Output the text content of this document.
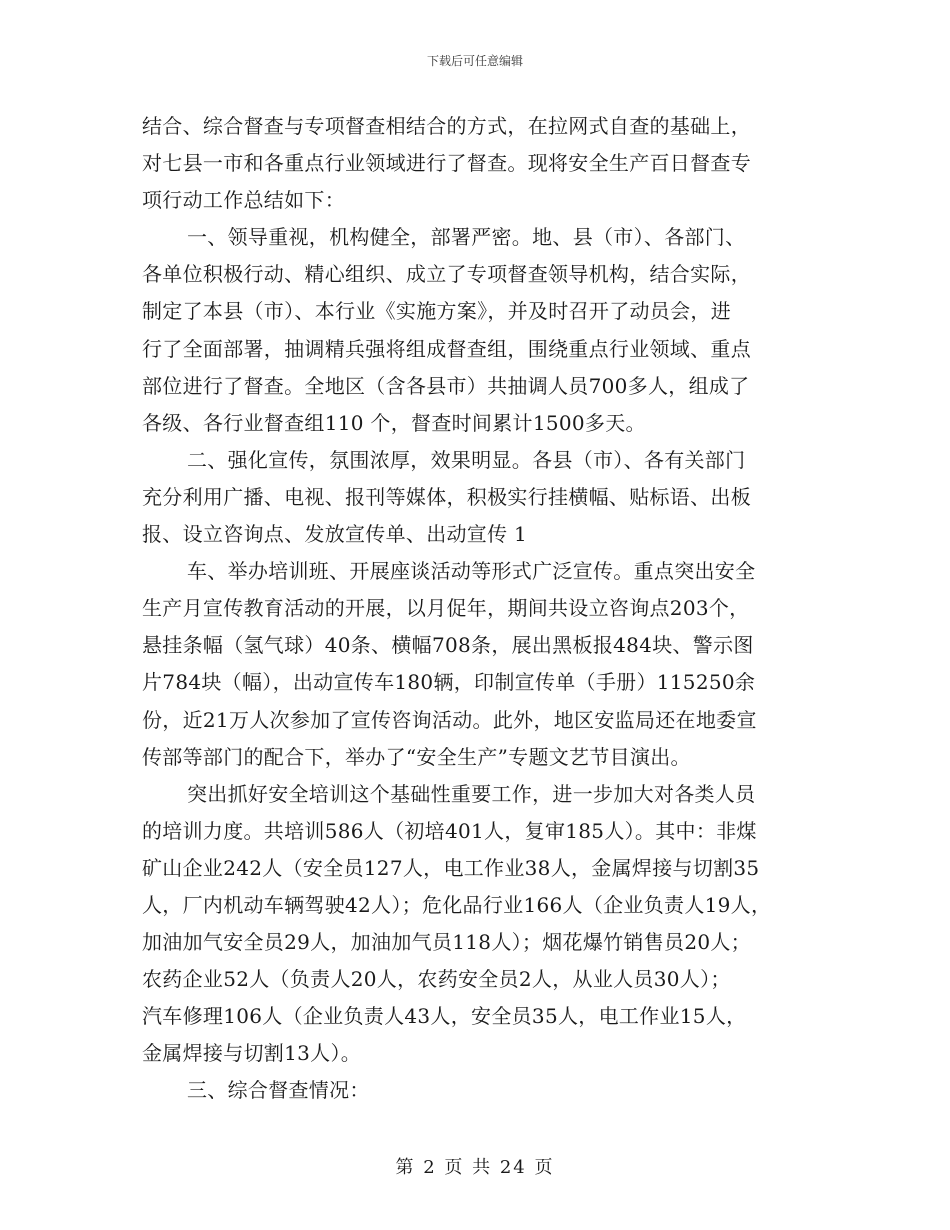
下载后可任意编辑
结合、综合督查与专项督查相结合的方式，在拉网式自查的基础上，
对七县一市和各重点行业领域进行了督查。现将安全生产百日督查专
项行动工作总结如下：
一、领导重视，机构健全，部署严密。地、县（市）、各部门、
各单位积极行动、精心组织、成立了专项督查领导机构，结合实际，
制定了本县（市）、本行业《实施方案》，并及时召开了动员会，进
行了全面部署，抽调精兵强将组成督查组，围绕重点行业领域、重点
部位进行了督查。全地区（含各县市）共抽调人员700多人，组成了
各级、各行业督查组110 个，督查时间累计1500多天。
二、强化宣传，氛围浓厚，效果明显。各县（市）、各有关部门
充分利用广播、电视、报刊等媒体，积极实行挂横幅、贴标语、出板
报、设立咨询点、发放宣传单、出动宣传 1
车、举办培训班、开展座谈活动等形式广泛宣传。重点突出安全
生产月宣传教育活动的开展，以月促年，期间共设立咨询点203个，
悬挂条幅（氢气球）40条、横幅708条，展出黑板报484块、警示图
片784块（幅），出动宣传车180辆，印制宣传单（手册）115250余
份，近21万人次参加了宣传咨询活动。此外，地区安监局还在地委宣
传部等部门的配合下，举办了“安全生产”专题文艺节目演出。
突出抓好安全培训这个基础性重要工作，进一步加大对各类人员
的培训力度。共培训586人（初培401人，复审185人）。其中：非煤
矿山企业242人（安全员127人，电工作业38人，金属焊接与切割35
人，厂内机动车辆驾驶42人）；危化品行业166人（企业负责人19人，
加油加气安全员29人，加油加气员118人）；烟花爆竹销售员20人；
农药企业52人（负责人20人，农药安全员2人，从业人员30人）；
汽车修理106人（企业负责人43人，安全员35人，电工作业15人，
金属焊接与切割13人）。
三、综合督查情况：
第 2 页 共 24 页
